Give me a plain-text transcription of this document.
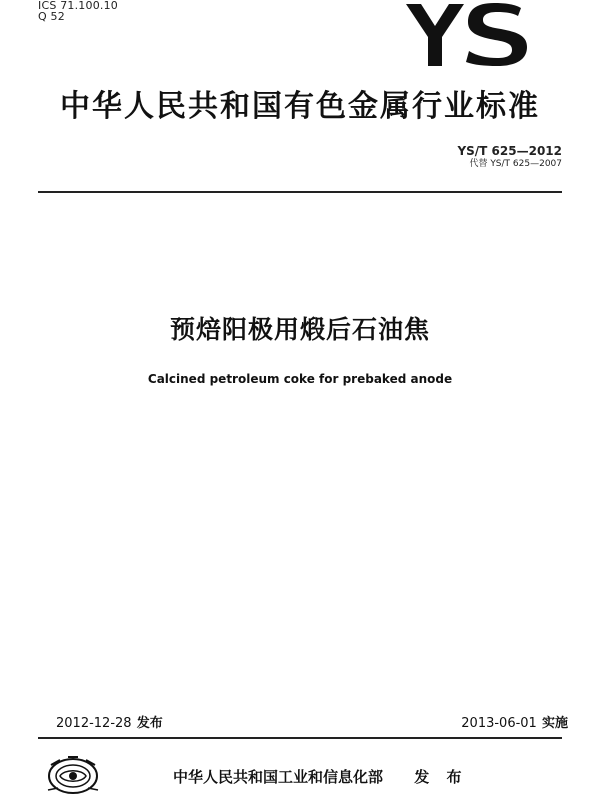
ICS 71.100.10
Q 52
中华人民共和国有色金属行业标准
YS/T 625—2012
代替 YS/T 625—2007
预焙阳极用煅后石油焦
Calcined petroleum coke for prebaked anode
2012-12-28 发布	2013-06-01 实施
中华人民共和国工业和信息化部 发 布
